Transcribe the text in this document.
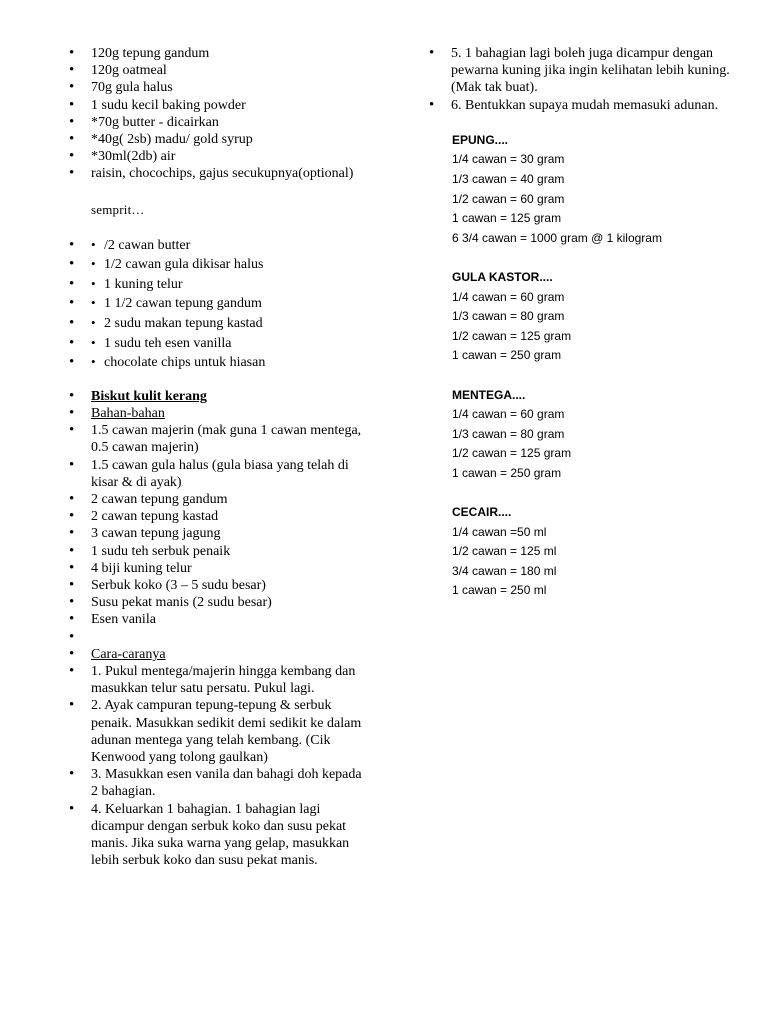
• 120g tepung gandum
• 120g oatmeal
• 70g gula halus
• 1 sudu kecil baking powder
• *70g butter - dicairkan
• *40g( 2sb) madu/ gold syrup
• *30ml(2db) air
• raisin, chocochips, gajus secukupnya(optional)
semprit…
• • /2 cawan butter
• • 1/2 cawan gula dikisar halus
• • 1 kuning telur
• • 1 1/2 cawan tepung gandum
• • 2 sudu makan tepung kastad
• • 1 sudu teh esen vanilla
• • chocolate chips untuk hiasan
• Biskut kulit kerang
• Bahan-bahan
• 1.5 cawan majerin (mak guna 1 cawan mentega, 0.5 cawan majerin)
• 1.5 cawan gula halus (gula biasa yang telah di kisar & di ayak)
• 2 cawan tepung gandum
• 2 cawan tepung kastad
• 3 cawan tepung jagung
• 1 sudu teh serbuk penaik
• 4 biji kuning telur
• Serbuk koko (3 – 5 sudu besar)
• Susu pekat manis (2 sudu besar)
• Esen vanila
•
• Cara-caranya
• 1. Pukul mentega/majerin hingga kembang dan masukkan telur satu persatu. Pukul lagi.
• 2. Ayak campuran tepung-tepung & serbuk penaik. Masukkan sedikit demi sedikit ke dalam adunan mentega yang telah kembang. (Cik Kenwood yang tolong gaulkan)
• 3. Masukkan esen vanila dan bahagi doh kepada 2 bahagian.
• 4. Keluarkan 1 bahagian. 1 bahagian lagi dicampur dengan serbuk koko dan susu pekat manis. Jika suka warna yang gelap, masukkan lebih serbuk koko dan susu pekat manis.
• 5. 1 bahagian lagi boleh juga dicampur dengan pewarna kuning jika ingin kelihatan lebih kuning. (Mak tak buat).
• 6. Bentukkan supaya mudah memasuki adunan.
EPUNG....
1/4 cawan = 30 gram
1/3 cawan = 40 gram
1/2 cawan = 60 gram
1 cawan = 125 gram
6 3/4 cawan = 1000 gram @ 1 kilogram
GULA KASTOR....
1/4 cawan = 60 gram
1/3 cawan = 80 gram
1/2 cawan = 125 gram
1 cawan = 250 gram
MENTEGA....
1/4 cawan = 60 gram
1/3 cawan = 80 gram
1/2 cawan = 125 gram
1 cawan = 250 gram
CECAIR....
1/4 cawan =50 ml
1/2 cawan = 125 ml
3/4 cawan = 180 ml
1 cawan = 250 ml
